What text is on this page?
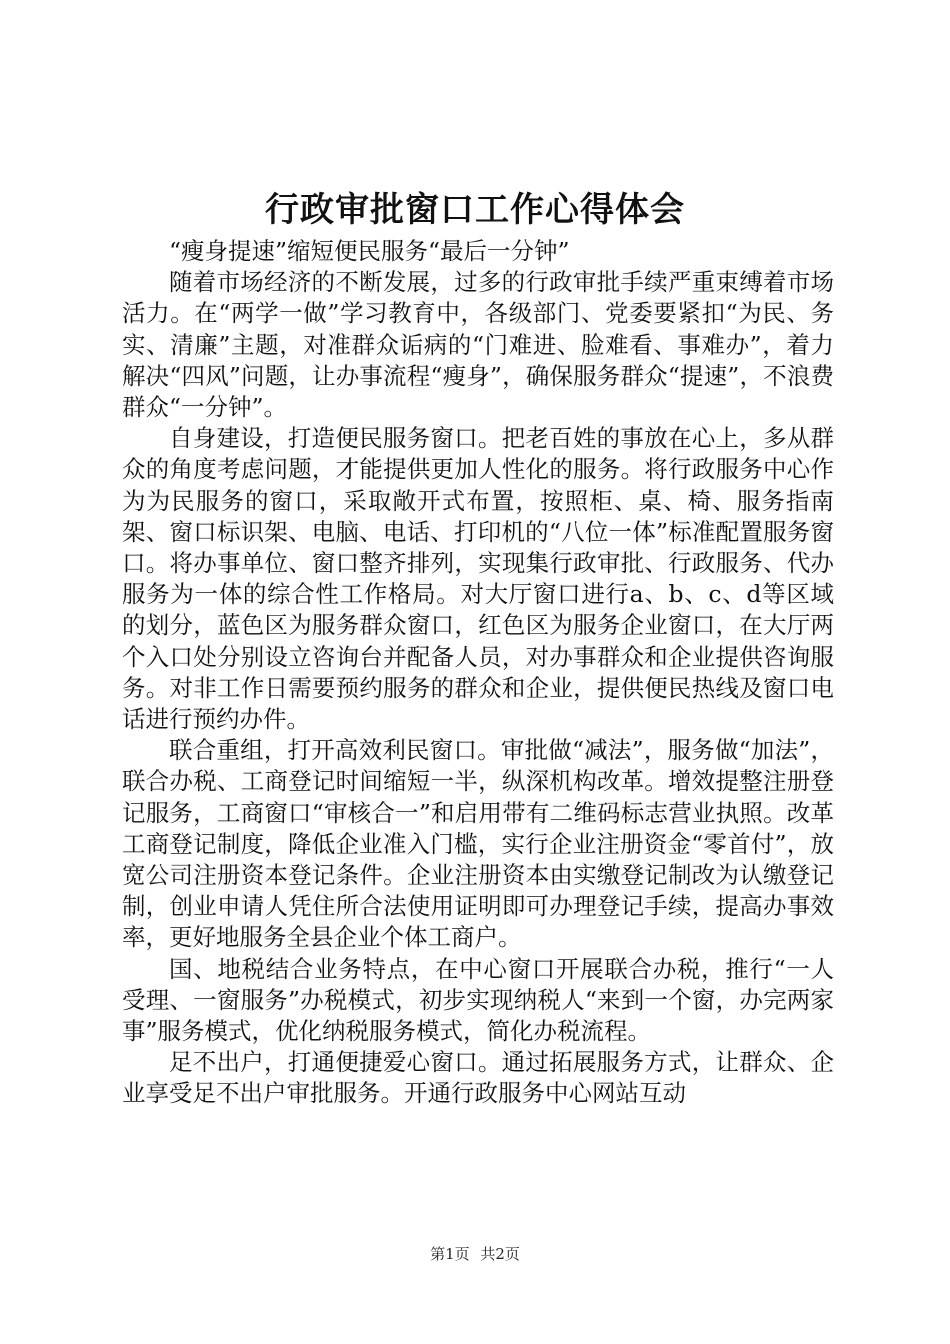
行政审批窗口工作心得体会

“瘦身提速”缩短便民服务“最后一分钟”

随着市场经济的不断发展，过多的行政审批手续严重束缚着市场活力。在“两学一做”学习教育中，各级部门、党委要紧扣“为民、务实、清廉”主题，对准群众诟病的“门难进、脸难看、事难办”，着力解决“四风”问题，让办事流程“瘦身”，确保服务群众“提速”，不浪费群众“一分钟”。

自身建设，打造便民服务窗口。把老百姓的事放在心上，多从群众的角度考虑问题，才能提供更加人性化的服务。将行政服务中心作为为民服务的窗口，采取敞开式布置，按照柜、桌、椅、服务指南架、窗口标识架、电脑、电话、打印机的“八位一体”标准配置服务窗口。将办事单位、窗口整齐排列，实现集行政审批、行政服务、代办服务为一体的综合性工作格局。对大厅窗口进行a、b、c、d等区域的划分，蓝色区为服务群众窗口，红色区为服务企业窗口，在大厅两个入口处分别设立咨询台并配备人员，对办事群众和企业提供咨询服务。对非工作日需要预约服务的群众和企业，提供便民热线及窗口电话进行预约办件。

联合重组，打开高效利民窗口。审批做“减法”，服务做“加法”，联合办税、工商登记时间缩短一半，纵深机构改革。增效提整注册登记服务，工商窗口“审核合一”和启用带有二维码标志营业执照。改革工商登记制度，降低企业准入门槛，实行企业注册资金“零首付”，放宽公司注册资本登记条件。企业注册资本由实缴登记制改为认缴登记制，创业申请人凭住所合法使用证明即可办理登记手续，提高办事效率，更好地服务全县企业个体工商户。

国、地税结合业务特点，在中心窗口开展联合办税，推行“一人受理、一窗服务”办税模式，初步实现纳税人“来到一个窗，办完两家事”服务模式，优化纳税服务模式，简化办税流程。

足不出户，打通便捷爱心窗口。通过拓展服务方式，让群众、企业享受足不出户审批服务。开通行政服务中心网站互动

第1页 共2页
